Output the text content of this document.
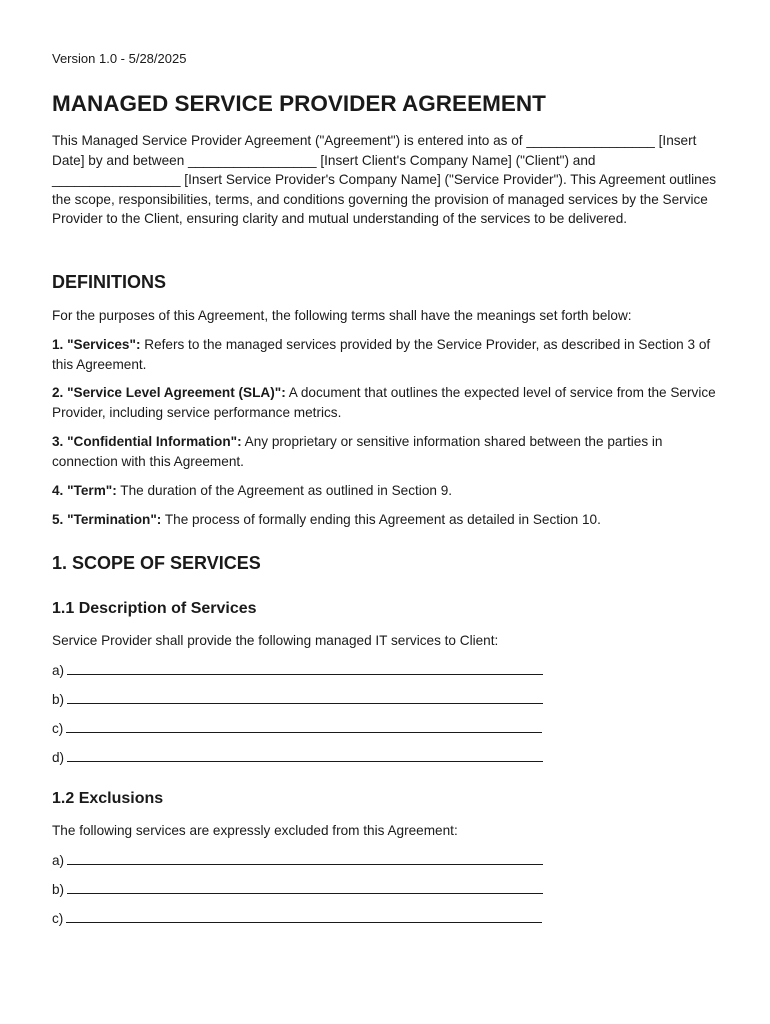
Version 1.0 - 5/28/2025
MANAGED SERVICE PROVIDER AGREEMENT

This Managed Service Provider Agreement ("Agreement") is entered into as of _________________ [Insert Date] by and between _________________ [Insert Client's Company Name] ("Client") and _________________ [Insert Service Provider's Company Name] ("Service Provider"). This Agreement outlines the scope, responsibilities, terms, and conditions governing the provision of managed services by the Service Provider to the Client, ensuring clarity and mutual understanding of the services to be delivered.

DEFINITIONS

For the purposes of this Agreement, the following terms shall have the meanings set forth below:

1. "Services": Refers to the managed services provided by the Service Provider, as described in Section 3 of this Agreement.

2. "Service Level Agreement (SLA)": A document that outlines the expected level of service from the Service Provider, including service performance metrics.

3. "Confidential Information": Any proprietary or sensitive information shared between the parties in connection with this Agreement.

4. "Term": The duration of the Agreement as outlined in Section 9.

5. "Termination": The process of formally ending this Agreement as detailed in Section 10.

1. SCOPE OF SERVICES
1.1 Description of Services

Service Provider shall provide the following managed IT services to Client:

a)
b)
c)
d)
1.2 Exclusions

The following services are expressly excluded from this Agreement:

a)
b)
c)
